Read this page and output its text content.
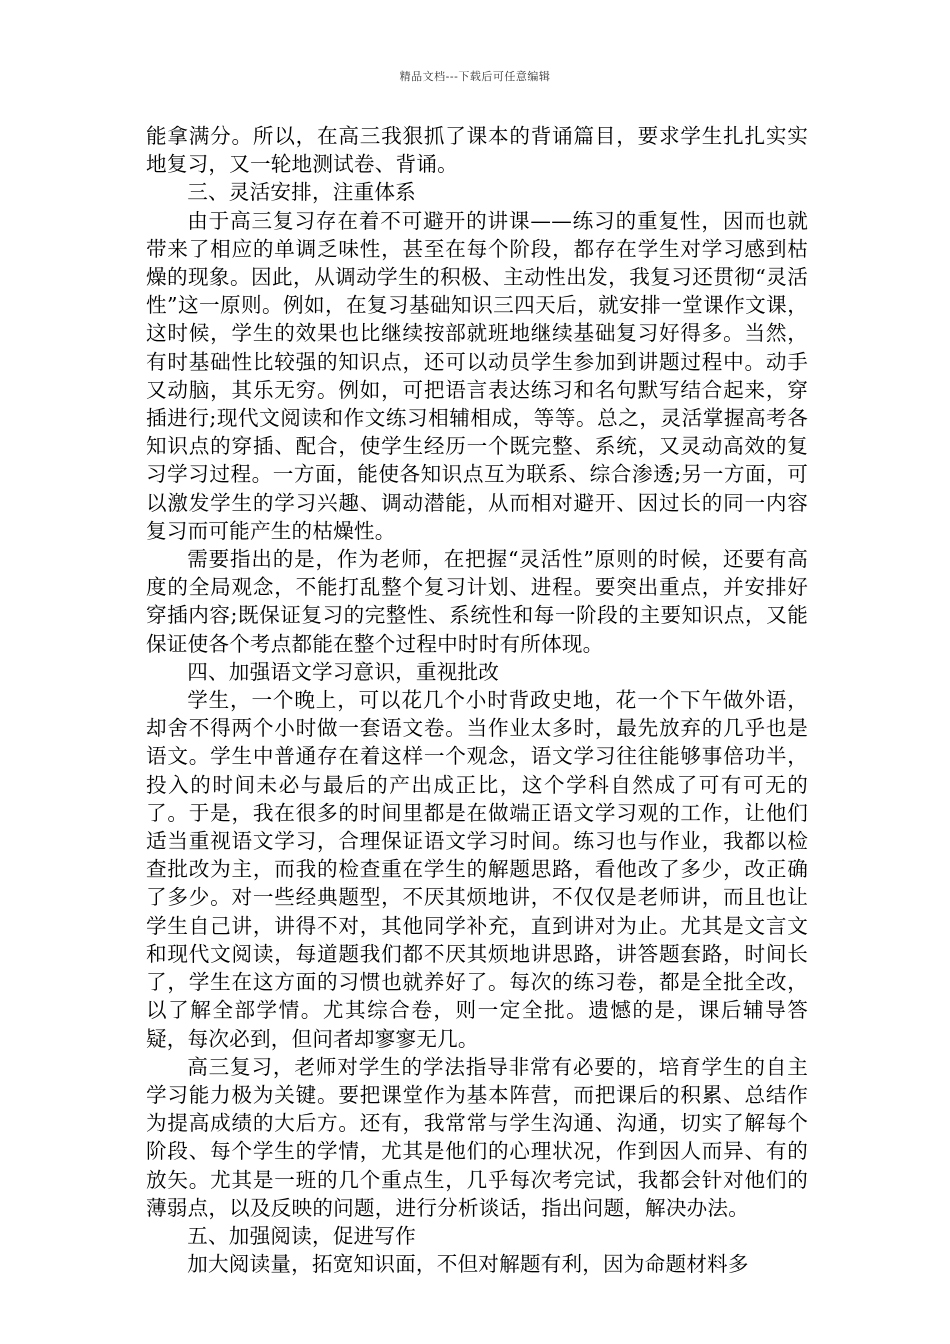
精品文档---下载后可任意编辑

能拿满分。所以，在高三我狠抓了课本的背诵篇目，要求学生扎扎实实地复习，又一轮地测试卷、背诵。

三、灵活安排，注重体系

由于高三复习存在着不可避开的讲课——练习的重复性，因而也就带来了相应的单调乏味性，甚至在每个阶段，都存在学生对学习感到枯燥的现象。因此，从调动学生的积极、主动性出发，我复习还贯彻“灵活性”这一原则。例如，在复习基础知识三四天后，就安排一堂课作文课，这时候，学生的效果也比继续按部就班地继续基础复习好得多。当然，有时基础性比较强的知识点，还可以动员学生参加到讲题过程中。动手又动脑，其乐无穷。例如，可把语言表达练习和名句默写结合起来，穿插进行;现代文阅读和作文练习相辅相成，等等。总之，灵活掌握高考各知识点的穿插、配合，使学生经历一个既完整、系统，又灵动高效的复习学习过程。一方面，能使各知识点互为联系、综合渗透;另一方面，可以激发学生的学习兴趣、调动潜能，从而相对避开、因过长的同一内容复习而可能产生的枯燥性。

需要指出的是，作为老师，在把握“灵活性”原则的时候，还要有高度的全局观念，不能打乱整个复习计划、进程。要突出重点，并安排好穿插内容;既保证复习的完整性、系统性和每一阶段的主要知识点，又能保证使各个考点都能在整个过程中时时有所体现。

四、加强语文学习意识，重视批改

学生，一个晚上，可以花几个小时背政史地，花一个下午做外语，却舍不得两个小时做一套语文卷。当作业太多时，最先放弃的几乎也是语文。学生中普通存在着这样一个观念，语文学习往往能够事倍功半，投入的时间未必与最后的产出成正比，这个学科自然成了可有可无的了。于是，我在很多的时间里都是在做端正语文学习观的工作，让他们适当重视语文学习，合理保证语文学习时间。练习也与作业，我都以检查批改为主，而我的检查重在学生的解题思路，看他改了多少，改正确了多少。对一些经典题型，不厌其烦地讲，不仅仅是老师讲，而且也让学生自己讲，讲得不对，其他同学补充，直到讲对为止。尤其是文言文和现代文阅读，每道题我们都不厌其烦地讲思路，讲答题套路，时间长了，学生在这方面的习惯也就养好了。每次的练习卷，都是全批全改，以了解全部学情。尤其综合卷，则一定全批。遗憾的是，课后辅导答疑，每次必到，但问者却寥寥无几。

高三复习，老师对学生的学法指导非常有必要的，培育学生的自主学习能力极为关键。要把课堂作为基本阵营，而把课后的积累、总结作为提高成绩的大后方。还有，我常常与学生沟通、沟通，切实了解每个阶段、每个学生的学情，尤其是他们的心理状况，作到因人而异、有的放矢。尤其是一班的几个重点生，几乎每次考完试，我都会针对他们的薄弱点，以及反映的问题，进行分析谈话，指出问题，解决办法。

五、加强阅读，促进写作

加大阅读量，拓宽知识面，不但对解题有利，因为命题材料多
